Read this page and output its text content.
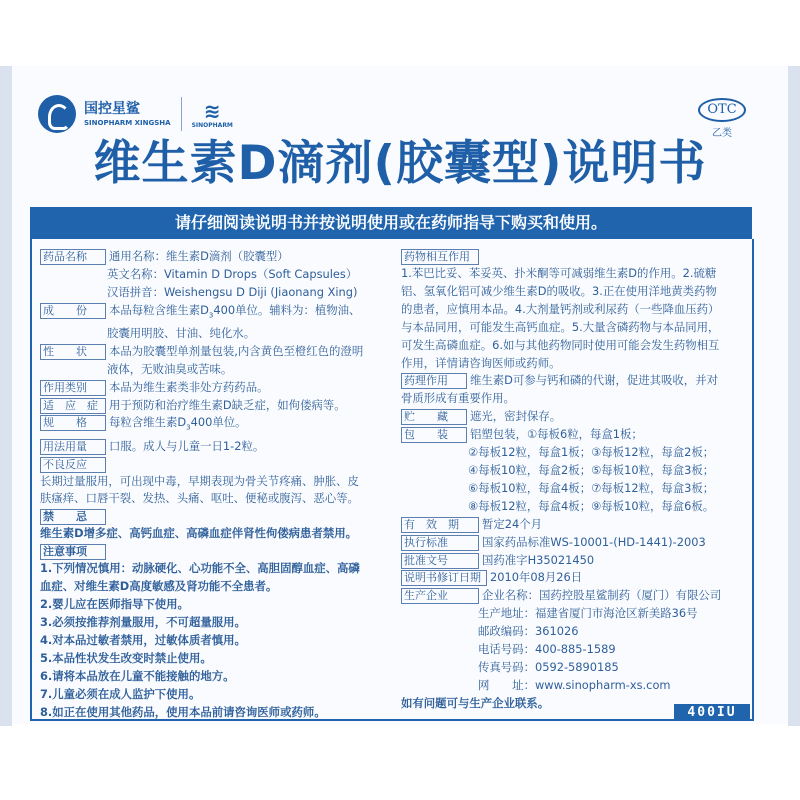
国控星鲨
SINOPHARM XINGSHA ≋
SINOPHARM
OTC
乙类
维生素D滴剂(胶囊型)说明书
请仔细阅读说明书并按说明使用或在药师指导下购买和使用。
药品名称	通用名称：维生素D滴剂（胶囊型）
英文名称：Vitamin D Drops（Soft Capsules）
汉语拼音：Weishengsu D Diji (Jiaonang Xing)
成　　份	本品每粒含维生素$D_3400$单位。辅料为：植物油、
胶囊用明胶、甘油、纯化水。
性　　状	本品为胶囊型单剂量包装,内含黄色至橙红色的澄明
液体，无败油臭或苦味。
作用类别	本品为维生素类非处方药药品。
适　应　症 用于预防和治疗维生素D缺乏症，如佝偻病等。
规　　格	每粒含维生素$D_3400$单位。
用法用量	口服。成人与儿童一日1-2粒。
不良反应
长期过量服用，可出现中毒，早期表现为骨关节疼痛、肿胀、皮
肤瘙痒、口唇干裂、发热、头痛、呕吐、便秘或腹泻、恶心等。
禁　　忌
维生素D增多症、高钙血症、高磷血症伴肾性佝偻病患者禁用。
注意事项
1.下列情况慎用：动脉硬化、心功能不全、高胆固醇血症、高磷
血症、对维生素D高度敏感及肾功能不全患者。
2.婴儿应在医师指导下使用。
3.必须按推荐剂量服用，不可超量服用。
4.对本品过敏者禁用，过敏体质者慎用。
5.本品性状发生改变时禁止使用。
6.请将本品放在儿童不能接触的地方。
7.儿童必须在成人监护下使用。
8.如正在使用其他药品，使用本品前请咨询医师或药师。
药物相互作用
1.苯巴比妥、苯妥英、扑米酮等可减弱维生素D的作用。2.硫糖
铝、氢氧化铝可减少维生素D的吸收。3.正在使用洋地黄类药物
的患者，应慎用本品。4.大剂量钙剂或利尿药（一些降血压药）
与本品同用，可能发生高钙血症。5.大量含磷药物与本品同用，
可发生高磷血症。6.如与其他药物同时使用可能会发生药物相互
作用，详情请咨询医师或药师。
药理作用	维生素D可参与钙和磷的代谢，促进其吸收，并对
骨质形成有重要作用。
贮　　藏	遮光，密封保存。
包　　装	铝塑包装，①每板6粒，每盒1板；
②每板12粒，每盒1板；③每板12粒，每盒2板；
④每板10粒，每盒2板；⑤每板10粒，每盒3板；
⑥每板10粒，每盒4板；⑦每板12粒，每盒3板；
⑧每板12粒，每盒4板；⑨每板10粒，每盒6板。
有　效　期	暂定24个月
执行标准	国家药品标准WS-10001-(HD-1441)-2003
批准文号	国药准字H35021450
说明书修订日期 2010年08月26日
生产企业	企业名称：国药控股星鲨制药（厦门）有限公司
生产地址：福建省厦门市海沧区新美路36号
邮政编码：361026
电话号码：400-885-1589
传真号码：0592-5890185
网　　址：www.sinopharm-xs.com
如有问题可与生产企业联系。
400IU
